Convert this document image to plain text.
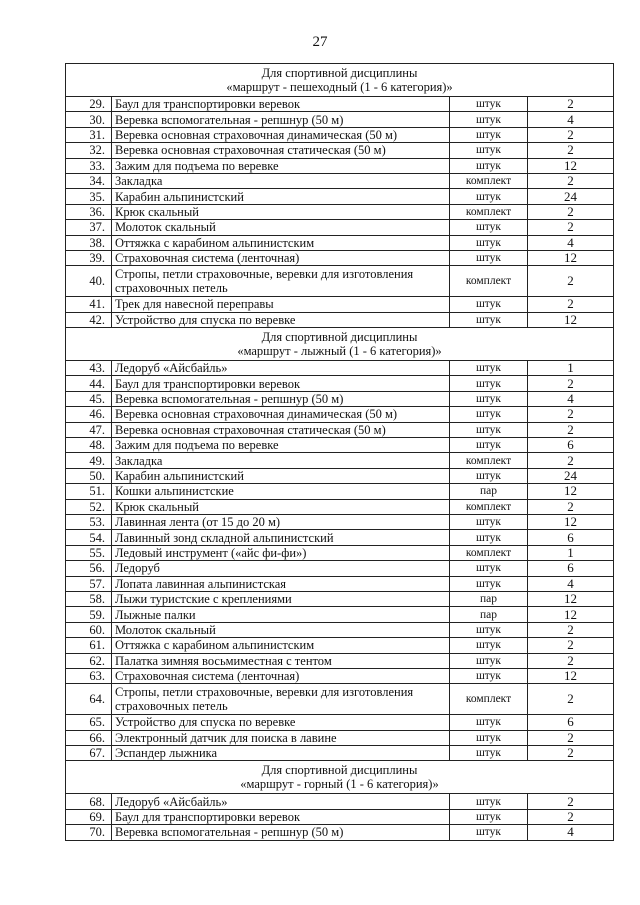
27
Для спортивной дисциплины
«маршрут - пешеходный (1 - 6 категория)»			

29.	Баул для транспортировки веревок	штук	2
30.	Веревка вспомогательная - репшнур (50 м)	штук	4
31.	Веревка основная страховочная динамическая (50 м)	штук	2
32.	Веревка основная страховочная статическая (50 м)	штук	2
33.	Зажим для подъема по веревке	штук	12
34.	Закладка	комплект	2
35.	Карабин альпинистский	штук	24
36.	Крюк скальный	комплект	2
37.	Молоток скальный	штук	2
38.	Оттяжка с карабином альпинистским	штук	4
39.	Страховочная система (ленточная)	штук	12
40.	Стропы, петли страховочные, веревки для изготовления страховочных петель	комплект	2
41.	Трек для навесной переправы	штук	2
42.	Устройство для спуска по веревке	штук	12

Для спортивной дисциплины
«маршрут - лыжный (1 - 6 категория)»			

43.	Ледоруб «Айсбайль»	штук	1
44.	Баул для транспортировки веревок	штук	2
45.	Веревка вспомогательная - репшнур (50 м)	штук	4
46.	Веревка основная страховочная динамическая (50 м)	штук	2
47.	Веревка основная страховочная статическая (50 м)	штук	2
48.	Зажим для подъема по веревке	штук	6
49.	Закладка	комплект	2
50.	Карабин альпинистский	штук	24
51.	Кошки альпинистские	пар	12
52.	Крюк скальный	комплект	2
53.	Лавинная лента (от 15 до 20 м)	штук	12
54.	Лавинный зонд складной альпинистский	штук	6
55.	Ледовый инструмент («айс фи-фи»)	комплект	1
56.	Ледоруб	штук	6
57.	Лопата лавинная альпинистская	штук	4
58.	Лыжи туристские с креплениями	пар	12
59.	Лыжные палки	пар	12
60.	Молоток скальный	штук	2
61.	Оттяжка с карабином альпинистским	штук	2
62.	Палатка зимняя восьмиместная с тентом	штук	2
63.	Страховочная система (ленточная)	штук	12
64.	Стропы, петли страховочные, веревки для изготовления страховочных петель	комплект	2
65.	Устройство для спуска по веревке	штук	6
66.	Электронный датчик для поиска в лавине	штук	2
67.	Эспандер лыжника	штук	2

Для спортивной дисциплины
«маршрут - горный (1 - 6 категория)»			

68.	Ледоруб «Айсбайль»	штук	2
69.	Баул для транспортировки веревок	штук	2
70.	Веревка вспомогательная - репшнур (50 м)	штук	4
